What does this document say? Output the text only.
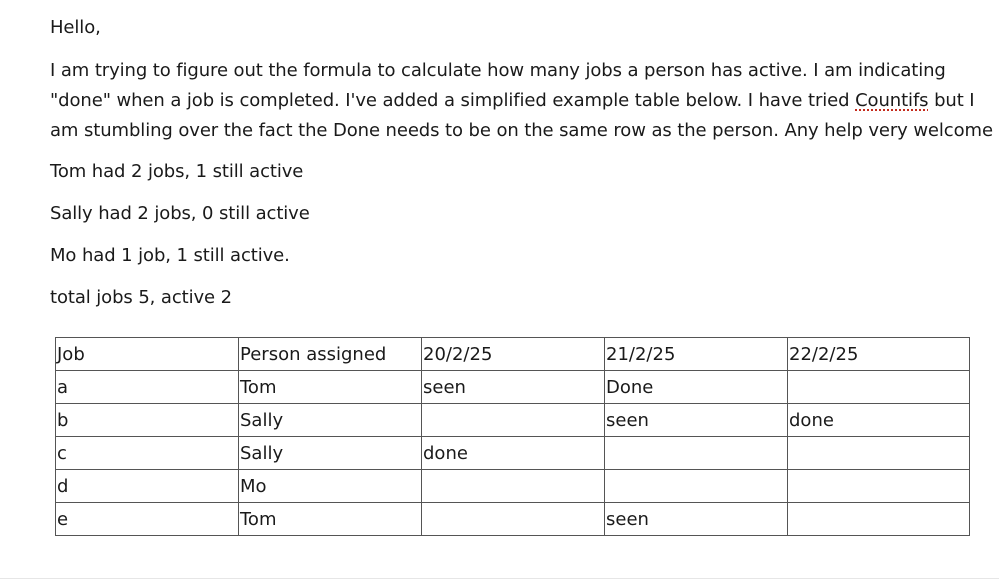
Hello,

I am trying to figure out the formula to calculate how many jobs a person has active. I am indicating
"done" when a job is completed. I've added a simplified example table below. I have tried Countifs but I
am stumbling over the fact the Done needs to be on the same row as the person. Any help very welcome

Tom had 2 jobs, 1 still active

Sally had 2 jobs, 0 still active

Mo had 1 job, 1 still active.

total jobs 5, active 2

Job	Person assigned	20/2/25	21/2/25	22/2/25
a	Tom	seen	Done	
b	Sally		seen	done
c	Sally	done		
d	Mo			
e	Tom		seen	
